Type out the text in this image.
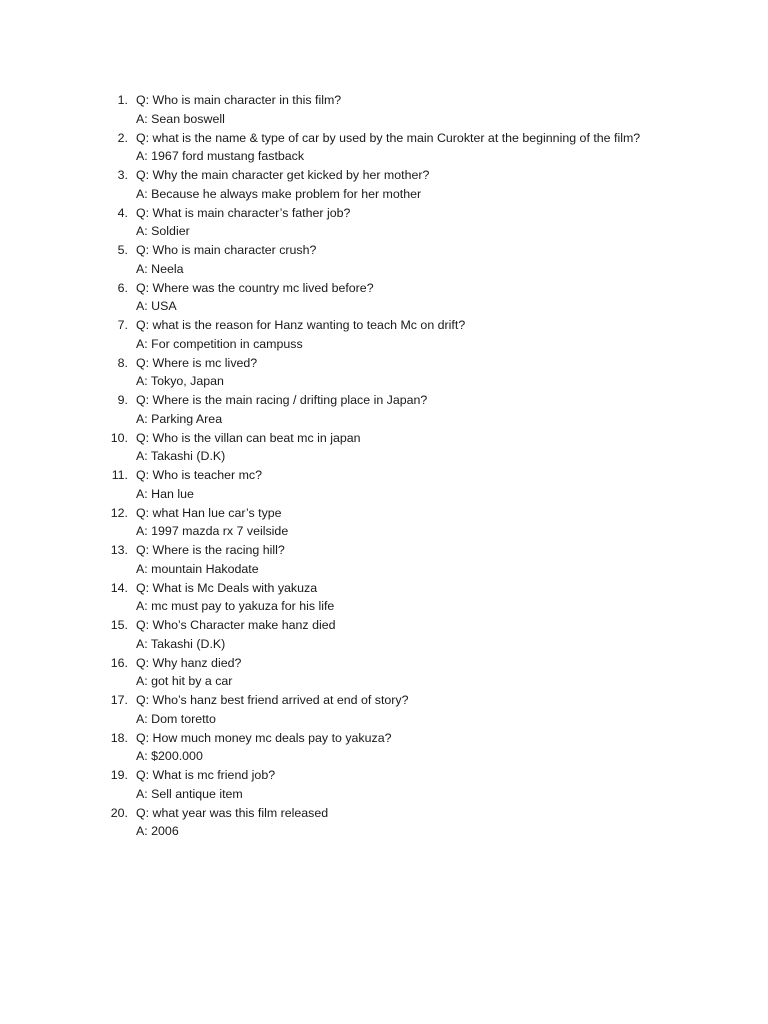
1. Q: Who is main character in this film?
A: Sean boswell
2. Q: what is the name & type of car by used by the main Curokter at the beginning of the film?
A: 1967 ford mustang fastback
3. Q: Why the main character get kicked by her mother?
A: Because he always make problem for her mother
4. Q: What is main character’s father job?
A: Soldier
5. Q: Who is main character crush?
A: Neela
6. Q: Where was the country mc lived before?
A: USA
7. Q: what is the reason for Hanz wanting to teach Mc on drift?
A: For competition in campuss
8. Q: Where is mc lived?
A: Tokyo, Japan
9. Q: Where is the main racing / drifting place in Japan?
A: Parking Area
10. Q: Who is the villan can beat mc in japan
A: Takashi (D.K)
11. Q: Who is teacher mc?
A: Han lue
12. Q: what Han lue car’s type
A: 1997 mazda rx 7 veilside
13. Q: Where is the racing hill?
A: mountain Hakodate
14. Q: What is Mc Deals with yakuza
A: mc must pay to yakuza for his life
15. Q: Who’s Character make hanz died
A: Takashi (D.K)
16. Q: Why hanz died?
A: got hit by a car
17. Q: Who’s hanz best friend arrived at end of story?
A: Dom toretto
18. Q: How much money mc deals pay to yakuza?
A: $200.000
19. Q: What is mc friend job?
A: Sell antique item
20. Q: what year was this film released
A: 2006
